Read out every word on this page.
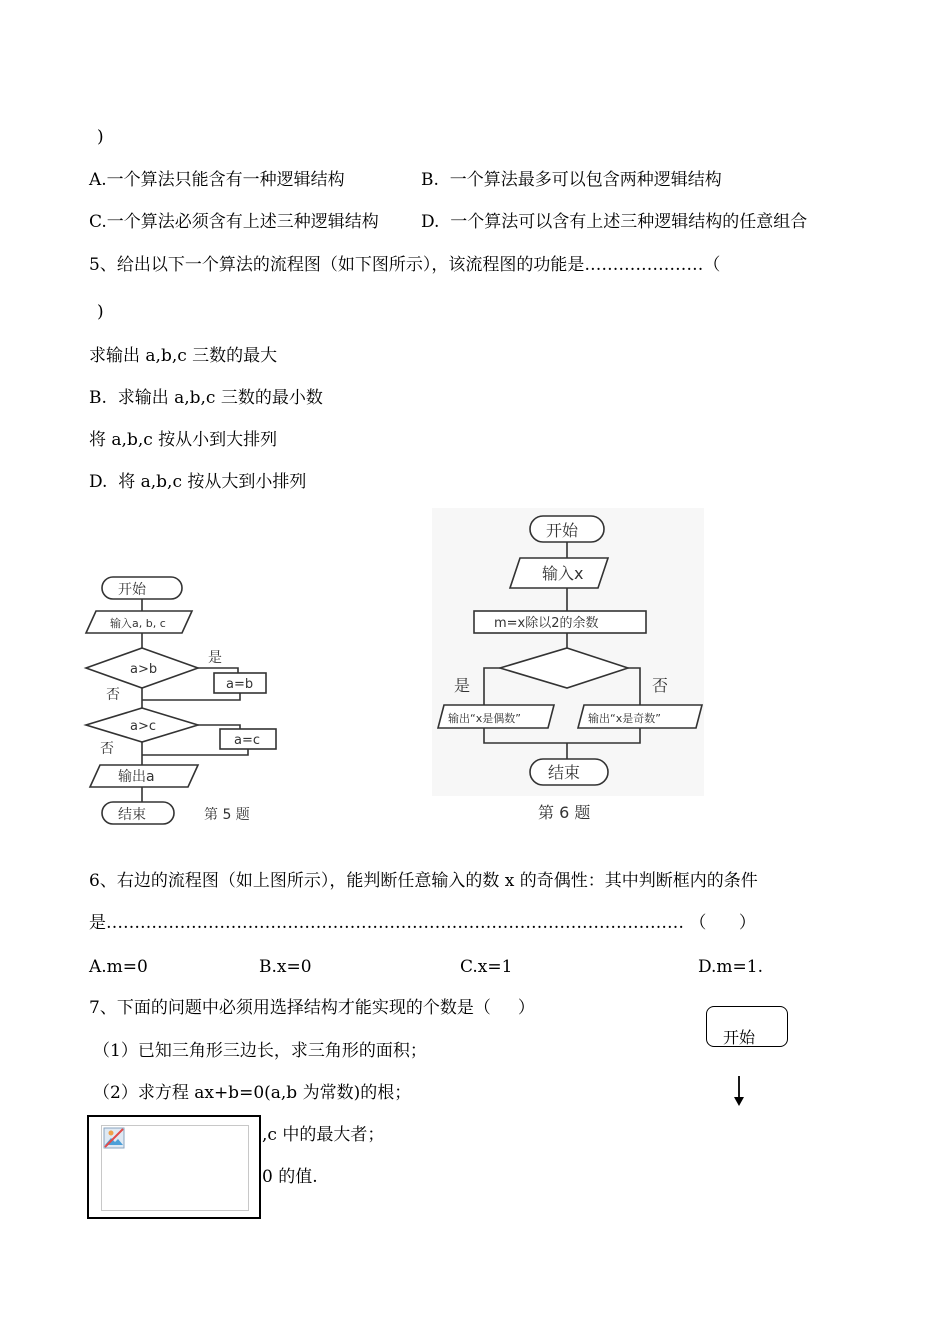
)
A.一个算法只能含有一种逻辑结构	B.  一个算法最多可以包含两种逻辑结构
C.一个算法必须含有上述三种逻辑结构 D.  一个算法可以含有上述三种逻辑结构的任意组合
5、给出以下一个算法的流程图（如下图所示），该流程图的功能是…………………（
)
求输出 a,b,c 三数的最大
B.  求输出 a,b,c 三数的最小数
将 a,b,c 按从小到大排列
D.  将 a,b,c 按从大到小排列
开始
输入a, b, c
a>b
是
否
a=b
a>c
否
a=c
输出a
结束	第 5 题
开始
输入x
m=x除以2的余数
是	否
输出“x是偶数”	输出“x是奇数”
结束
第 6 题
6、右边的流程图（如上图所示），能判断任意输入的数 x 的奇偶性：其中判断框内的条件
是………………………………………………………………………………………… （      ）
A.m=0	B.x=0	C.x=1	D.m=1.
7、下面的问题中必须用选择结构才能实现的个数是（     ）
（1）已知三角形三边长，求三角形的面积；
（2）求方程 ax+b=0(a,b 为常数)的根；
,c 中的最大者；
0 的值.
开始
